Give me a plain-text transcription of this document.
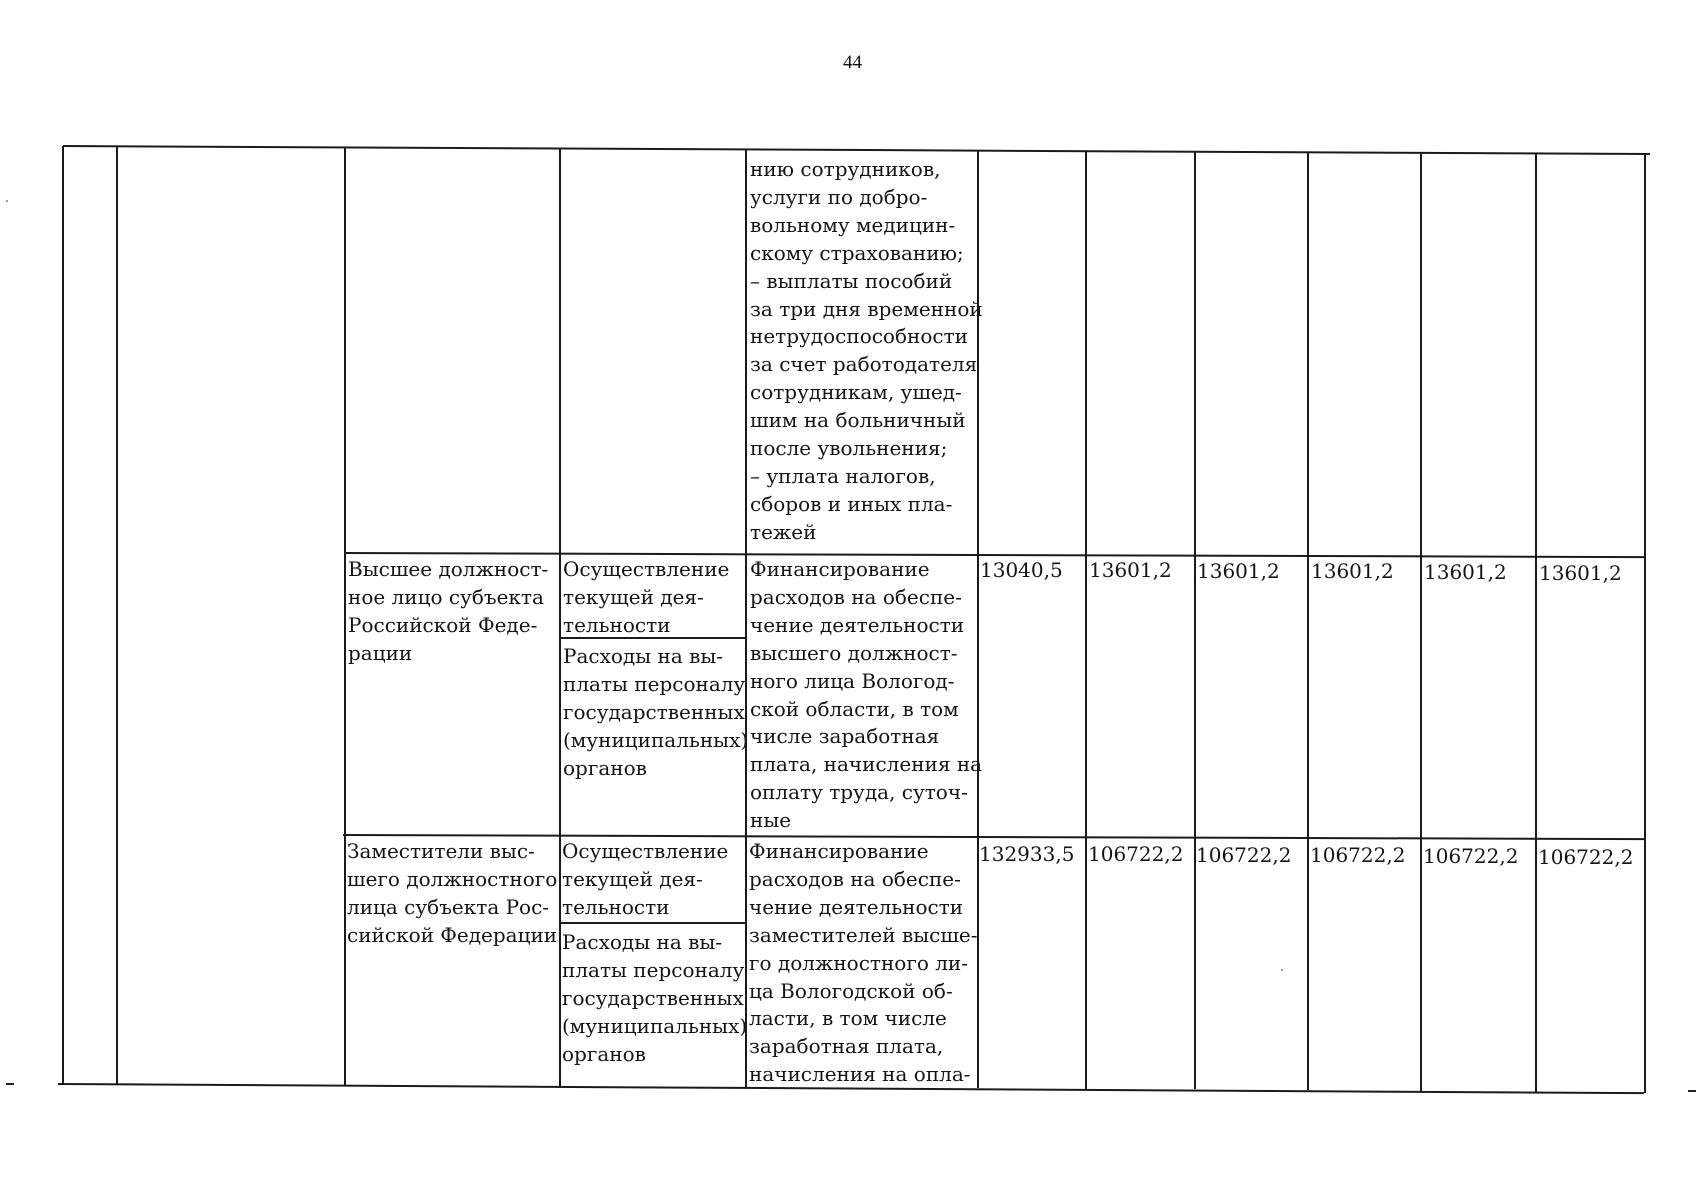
44
нию сотрудников,
услуги по добро-
вольному медицин-
скому страхованию;
– выплаты пособий
за три дня временной
нетрудоспособности
за счет работодателя
сотрудникам, ушед-
шим на больничный
после увольнения;
– уплата налогов,
сборов и иных пла-
тежей
Высшее должност-
ное лицо субъекта
Российской Феде-
рации
Осуществление
текущей дея-
тельности
Расходы на вы-
платы персоналу
государственных
(муниципальных)
органов
Финансирование
расходов на обеспе-
чение деятельности
высшего должност-
ного лица Вологод-
ской области, в том
числе заработная
плата, начисления на
оплату труда, суточ-
ные
13040,5 13601,2 13601,2 13601,2 13601,2 13601,2
Заместители выс-
шего должностного
лица субъекта Рос-
сийской Федерации
Осуществление
текущей дея-
тельности
Расходы на вы-
платы персоналу
государственных
(муниципальных)
органов
Финансирование
расходов на обеспе-
чение деятельности
заместителей высше-
го должностного ли-
ца Вологодской об-
ласти, в том числе
заработная плата,
начисления на опла-
132933,5 106722,2 106722,2 106722,2 106722,2 106722,2
